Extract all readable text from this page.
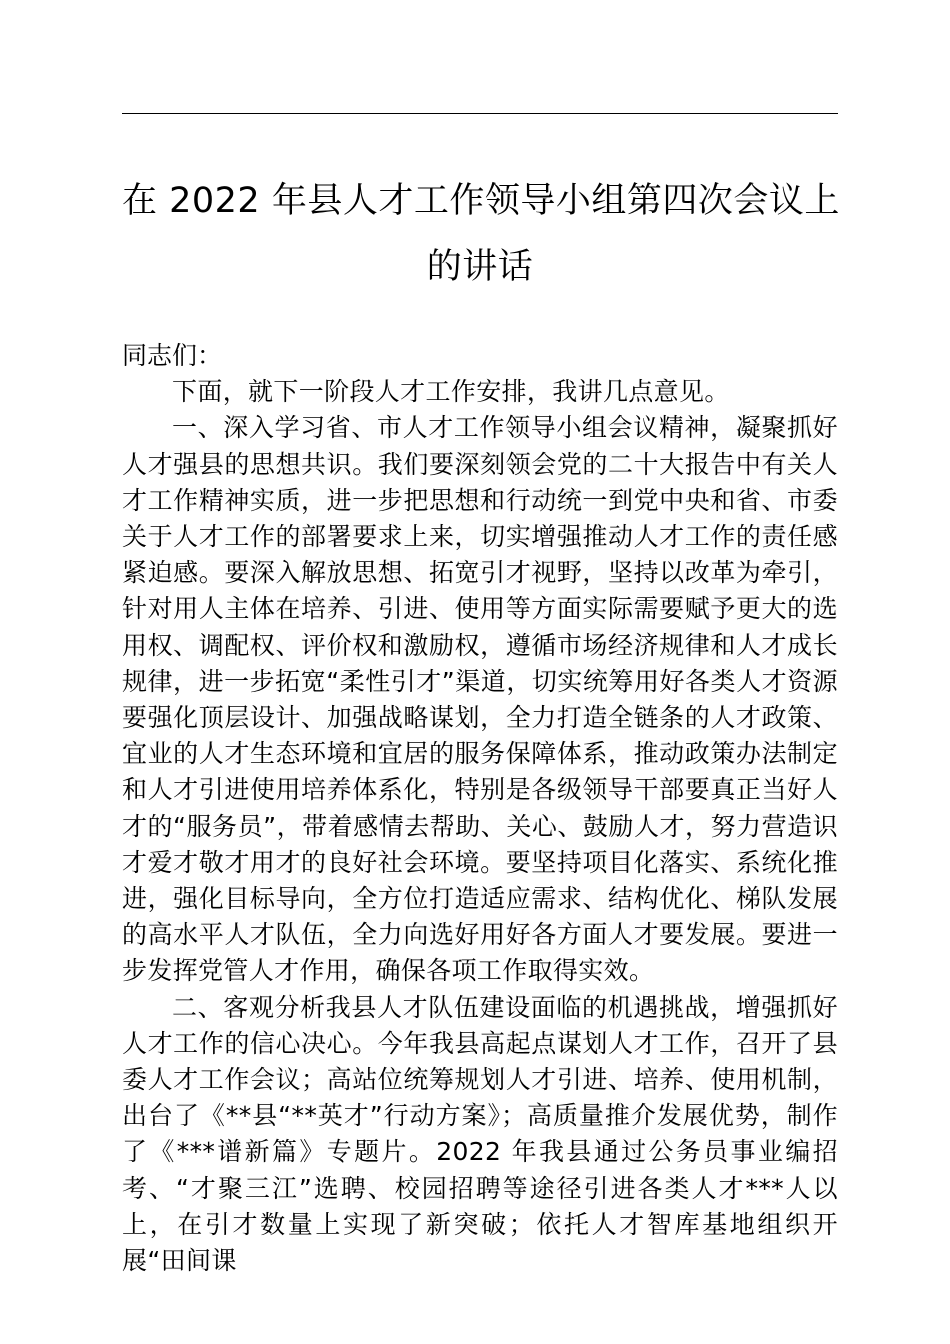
在 2022 年县人才工作领导小组第四次会议上
的讲话

同志们：

下面，就下一阶段人才工作安排，我讲几点意见。

一、深入学习省、市人才工作领导小组会议精神，凝聚抓好人才强县的思想共识。我们要深刻领会党的二十大报告中有关人才工作精神实质，进一步把思想和行动统一到党中央和省、市委关于人才工作的部署要求上来，切实增强推动人才工作的责任感紧迫感。要深入解放思想、拓宽引才视野，坚持以改革为牵引，针对用人主体在培养、引进、使用等方面实际需要赋予更大的选用权、调配权、评价权和激励权，遵循市场经济规律和人才成长规律，进一步拓宽“柔性引才”渠道，切实统筹用好各类人才资源要强化顶层设计、加强战略谋划，全力打造全链条的人才政策、宜业的人才生态环境和宜居的服务保障体系，推动政策办法制定和人才引进使用培养体系化，特别是各级领导干部要真正当好人才的“服务员”，带着感情去帮助、关心、鼓励人才，努力营造识才爱才敬才用才的良好社会环境。要坚持项目化落实、系统化推进，强化目标导向，全方位打造适应需求、结构优化、梯队发展的高水平人才队伍，全力向选好用好各方面人才要发展。要进一步发挥党管人才作用，确保各项工作取得实效。

二、客观分析我县人才队伍建设面临的机遇挑战，增强抓好人才工作的信心决心。今年我县高起点谋划人才工作，召开了县委人才工作会议；高站位统筹规划人才引进、培养、使用机制，出台了《**县“**英才”行动方案》；高质量推介发展优势，制作了《***谱新篇》专题片。2022 年我县通过公务员事业编招考、“才聚三江”选聘、校园招聘等途径引进各类人才***人以上，在引才数量上实现了新突破；依托人才智库基地组织开展“田间课
